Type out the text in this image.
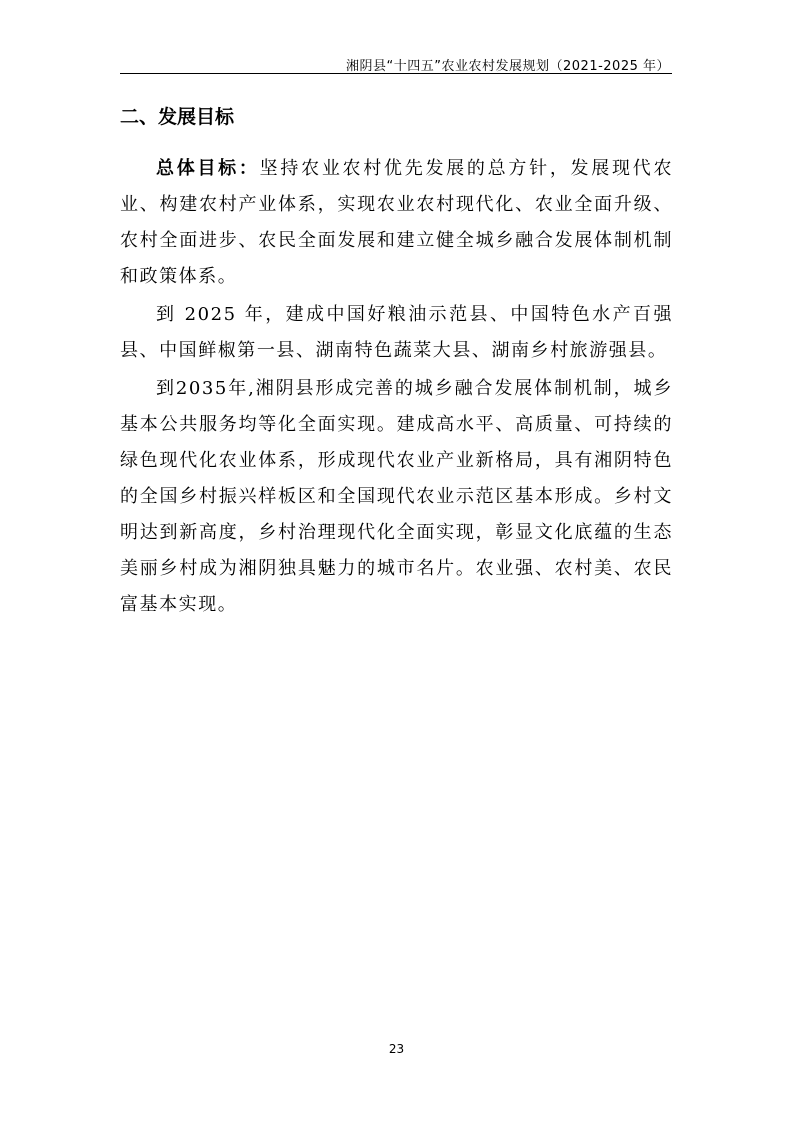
湘阴县“十四五”农业农村发展规划（2021-2025 年）
二、发展目标

总体目标：坚持农业农村优先发展的总方针，发展现代农业、构建农村产业体系，实现农业农村现代化、农业全面升级、农村全面进步、农民全面发展和建立健全城乡融合发展体制机制和政策体系。

到 2025 年，建成中国好粮油示范县、中国特色水产百强县、中国鲜椒第一县、湖南特色蔬菜大县、湖南乡村旅游强县。

到2035年,湘阴县形成完善的城乡融合发展体制机制，城乡基本公共服务均等化全面实现。建成高水平、高质量、可持续的绿色现代化农业体系，形成现代农业产业新格局，具有湘阴特色的全国乡村振兴样板区和全国现代农业示范区基本形成。乡村文明达到新高度，乡村治理现代化全面实现，彰显文化底蕴的生态美丽乡村成为湘阴独具魅力的城市名片。农业强、农村美、农民富基本实现。

23
